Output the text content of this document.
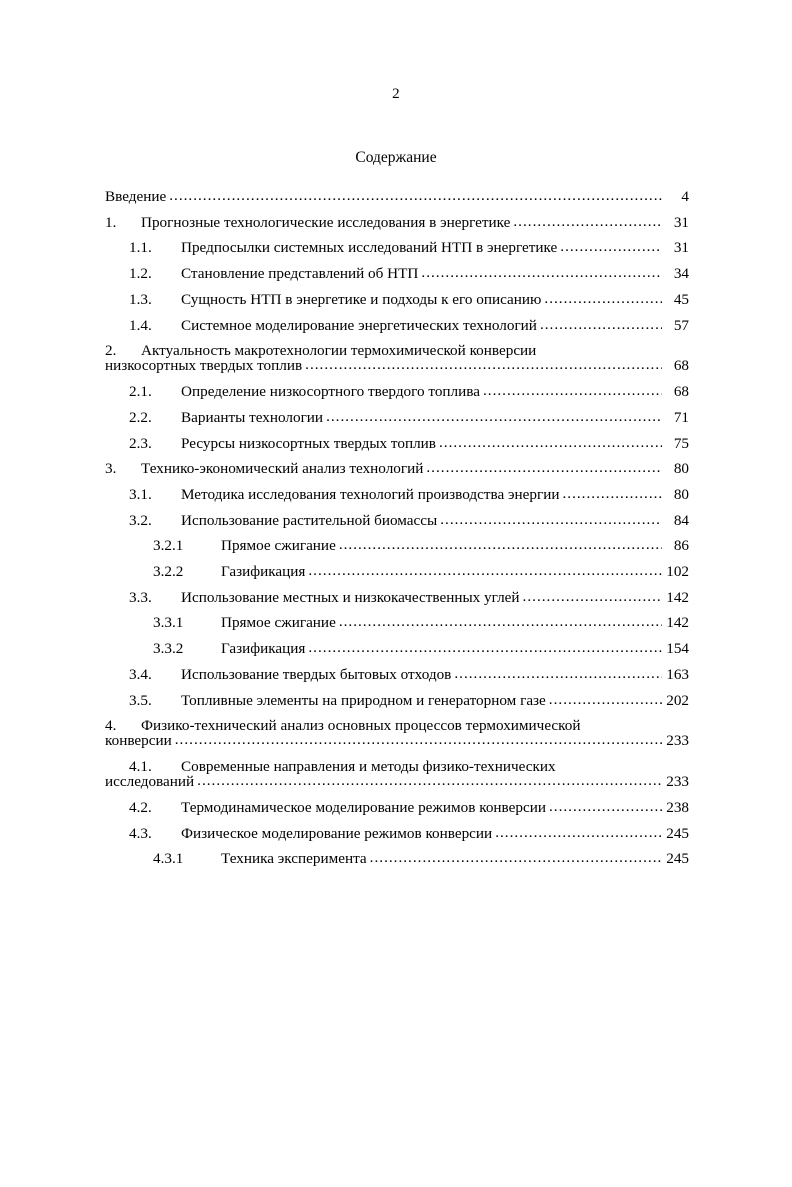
2
Содержание
Введение .....	4
1.	Прогнозные технологические исследования в энергетике .....	31
1.1.	Предпосылки системных исследований НТП в энергетике .....	31
1.2.	Становление представлений об НТП .....	34
1.3.	Сущность НТП в энергетике и подходы к его описанию .....	45
1.4.	Системное моделирование энергетических технологий .....	57
2.	Актуальность макротехнологии термохимической конверсии
низкосортных твердых топлив .....	68
2.1.	Определение низкосортного твердого топлива .....	68
2.2.	Варианты технологии .....	71
2.3.	Ресурсы низкосортных твердых топлив .....	75
3.	Технико-экономический анализ технологий .....	80
3.1.	Методика исследования технологий производства энергии .....	80
3.2.	Использование растительной биомассы .....	84
3.2.1	Прямое сжигание .....	86
3.2.2	Газификация .....	102
3.3.	Использование местных и низкокачественных углей .....	142
3.3.1	Прямое сжигание .....	142
3.3.2	Газификация .....	154
3.4.	Использование твердых бытовых отходов .....	163
3.5.	Топливные элементы на природном и генераторном газе .....	202
4.	Физико-технический анализ основных процессов термохимической
конверсии .....	233
4.1.	Современные направления и методы физико-технических
исследований .....	233
4.2.	Термодинамическое моделирование режимов конверсии .....	238
4.3.	Физическое моделирование режимов конверсии .....	245
4.3.1	Техника эксперимента .....	245
